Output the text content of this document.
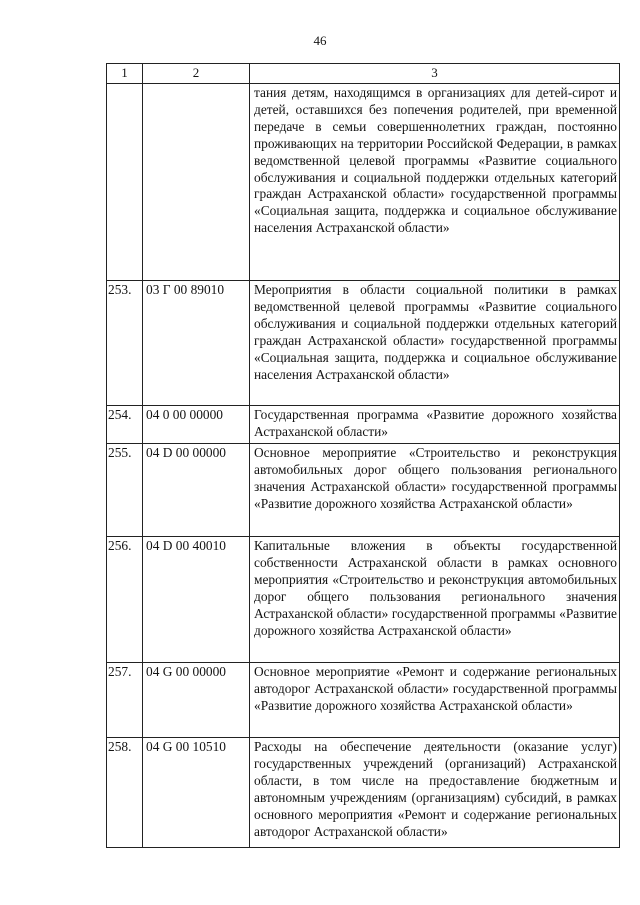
46
1	2	3
		тания детям, находящимся в организациях для детей-сирот и детей, оставшихся без попечения родителей, при временной передаче в семьи совершеннолетних граждан, постоянно проживающих на территории Российской Федерации, в рамках ведомственной целевой программы «Развитие социального обслуживания и социальной поддержки отдельных категорий граждан Астраханской области» государственной программы «Социальная защита, поддержка и социальное обслуживание населения Астраханской области»
253.	03 Г 00 89010	Мероприятия в области социальной политики в рамках ведомственной целевой программы «Развитие социального обслуживания и социальной поддержки отдельных категорий граждан Астраханской области» государственной программы «Социальная защита, поддержка и социальное обслуживание населения Астраханской области»
254.	04 0 00 00000	Государственная программа «Развитие дорожного хозяйства Астраханской области»
255.	04 D 00 00000	Основное мероприятие «Строительство и реконструкция автомобильных дорог общего пользования регионального значения Астраханской области» государственной программы «Развитие дорожного хозяйства Астраханской области»
256.	04 D 00 40010	Капитальные вложения в объекты государственной собственности Астраханской области в рамках основного мероприятия «Строительство и реконструкция автомобильных дорог общего пользования регионального значения Астраханской области» государственной программы «Развитие дорожного хозяйства Астраханской области»
257.	04 G 00 00000	Основное мероприятие «Ремонт и содержание региональных автодорог Астраханской области» государственной программы «Развитие дорожного хозяйства Астраханской области»
258.	04 G 00 10510	Расходы на обеспечение деятельности (оказание услуг) государственных учреждений (организаций) Астраханской области, в том числе на предоставление бюджетным и автономным учреждениям (организациям) субсидий, в рамках основного мероприятия «Ремонт и содержание региональных автодорог Астраханской области»
